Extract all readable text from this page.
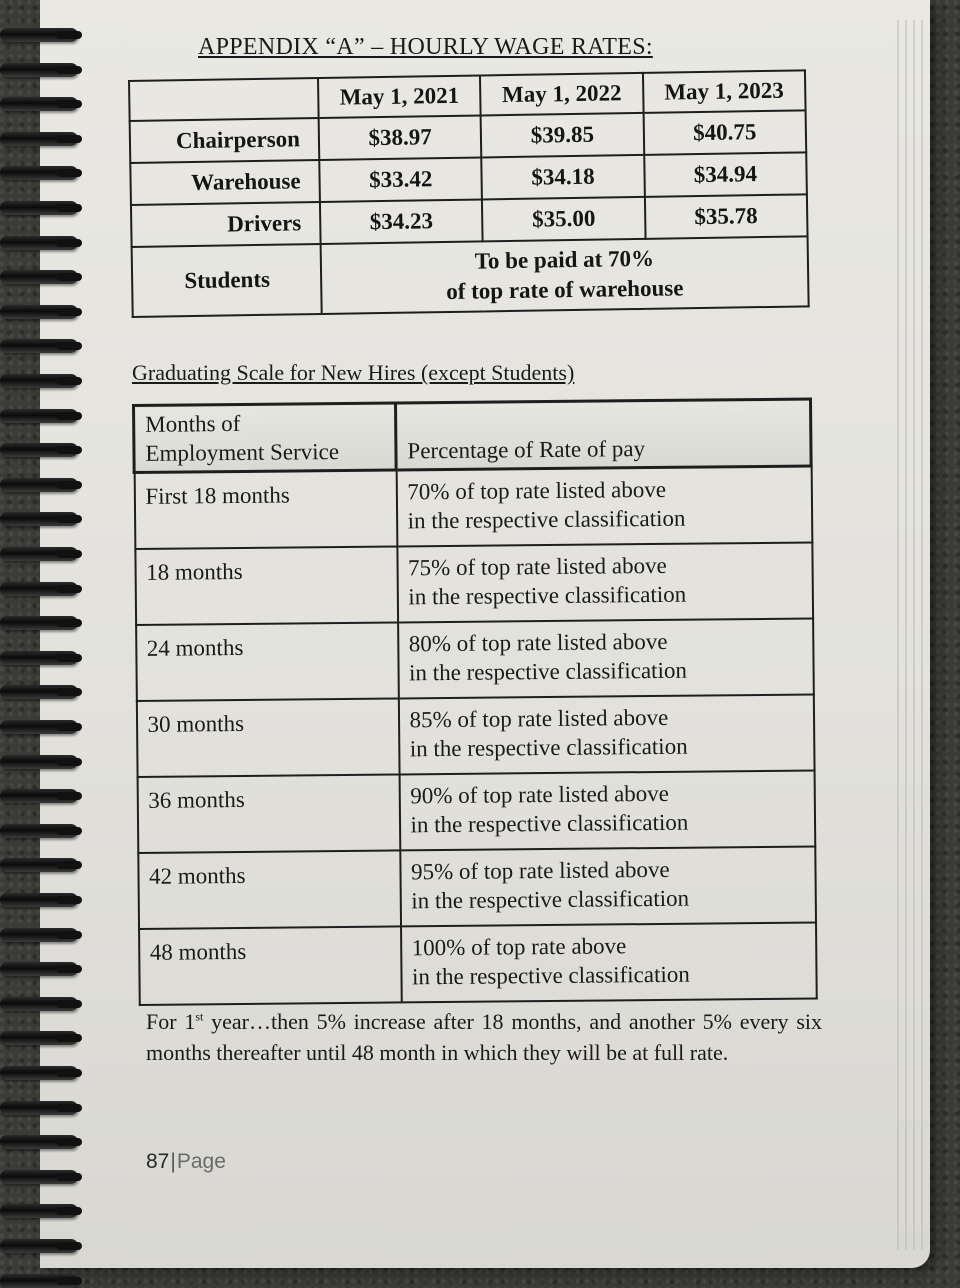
APPENDIX “A” – HOURLY WAGE RATES:
	May 1, 2021	May 1, 2022	May 1, 2023
Chairperson	$38.97	$39.85	$40.75
Warehouse	$33.42	$34.18	$34.94
Drivers	$34.23	$35.00	$35.78
Students	To be paid at 70%
of top rate of warehouse		
Graduating Scale for New Hires (except Students)
Months of
Employment Service	Percentage of Rate of pay
First 18 months	70% of top rate listed above
in the respective classification

18 months	75% of top rate listed above
in the respective classification

24 months	80% of top rate listed above
in the respective classification

30 months	85% of top rate listed above
in the respective classification

36 months	90% of top rate listed above
in the respective classification

42 months	95% of top rate listed above
in the respective classification

48 months	100% of top rate above
in the respective classification

For 1st year…then 5% increase after 18 months, and another 5% every six months thereafter until 48 month in which they will be at full rate.

87|Page
